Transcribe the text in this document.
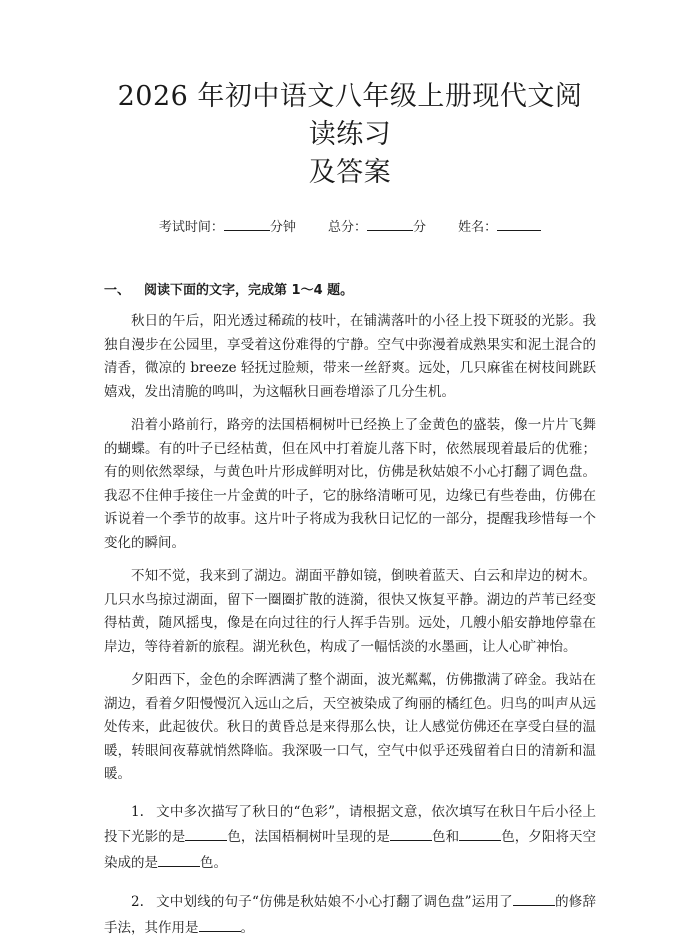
2026 年初中语文八年级上册现代文阅读练习
及答案
考试时间：	分钟 总分：	分 姓名：
一、 阅读下面的文字，完成第 1～4 题。

秋日的午后，阳光透过稀疏的枝叶，在铺满落叶的小径上投下斑驳的光影。我独自漫步在公园里，享受着这份难得的宁静。空气中弥漫着成熟果实和泥土混合的清香，微凉的 breeze 轻抚过脸颊，带来一丝舒爽。远处，几只麻雀在树枝间跳跃嬉戏，发出清脆的鸣叫，为这幅秋日画卷增添了几分生机。

沿着小路前行，路旁的法国梧桐树叶已经换上了金黄色的盛装，像一片片飞舞的蝴蝶。有的叶子已经枯黄，但在风中打着旋儿落下时，依然展现着最后的优雅；有的则依然翠绿，与黄色叶片形成鲜明对比，仿佛是秋姑娘不小心打翻了调色盘。我忍不住伸手接住一片金黄的叶子，它的脉络清晰可见，边缘已有些卷曲，仿佛在诉说着一个季节的故事。这片叶子将成为我秋日记忆的一部分，提醒我珍惜每一个变化的瞬间。

不知不觉，我来到了湖边。湖面平静如镜，倒映着蓝天、白云和岸边的树木。几只水鸟掠过湖面，留下一圈圈扩散的涟漪，很快又恢复平静。湖边的芦苇已经变得枯黄，随风摇曳，像是在向过往的行人挥手告别。远处，几艘小船安静地停靠在岸边，等待着新的旅程。湖光秋色，构成了一幅恬淡的水墨画，让人心旷神怡。

夕阳西下，金色的余晖洒满了整个湖面，波光粼粼，仿佛撒满了碎金。我站在湖边，看着夕阳慢慢沉入远山之后，天空被染成了绚丽的橘红色。归鸟的叫声从远处传来，此起彼伏。秋日的黄昏总是来得那么快，让人感觉仿佛还在享受白昼的温暖，转眼间夜幕就悄然降临。我深吸一口气，空气中似乎还残留着白日的清新和温暖。

1. 文中多次描写了秋日的“色彩”，请根据文意，依次填写在秋日午后小径上投下光影的是	色，法国梧桐树叶呈现的是	色和	色，夕阳将天空染成的是	色。

2. 文中划线的句子“仿佛是秋姑娘不小心打翻了调色盘”运用了	的修辞手法，其作用是	。
